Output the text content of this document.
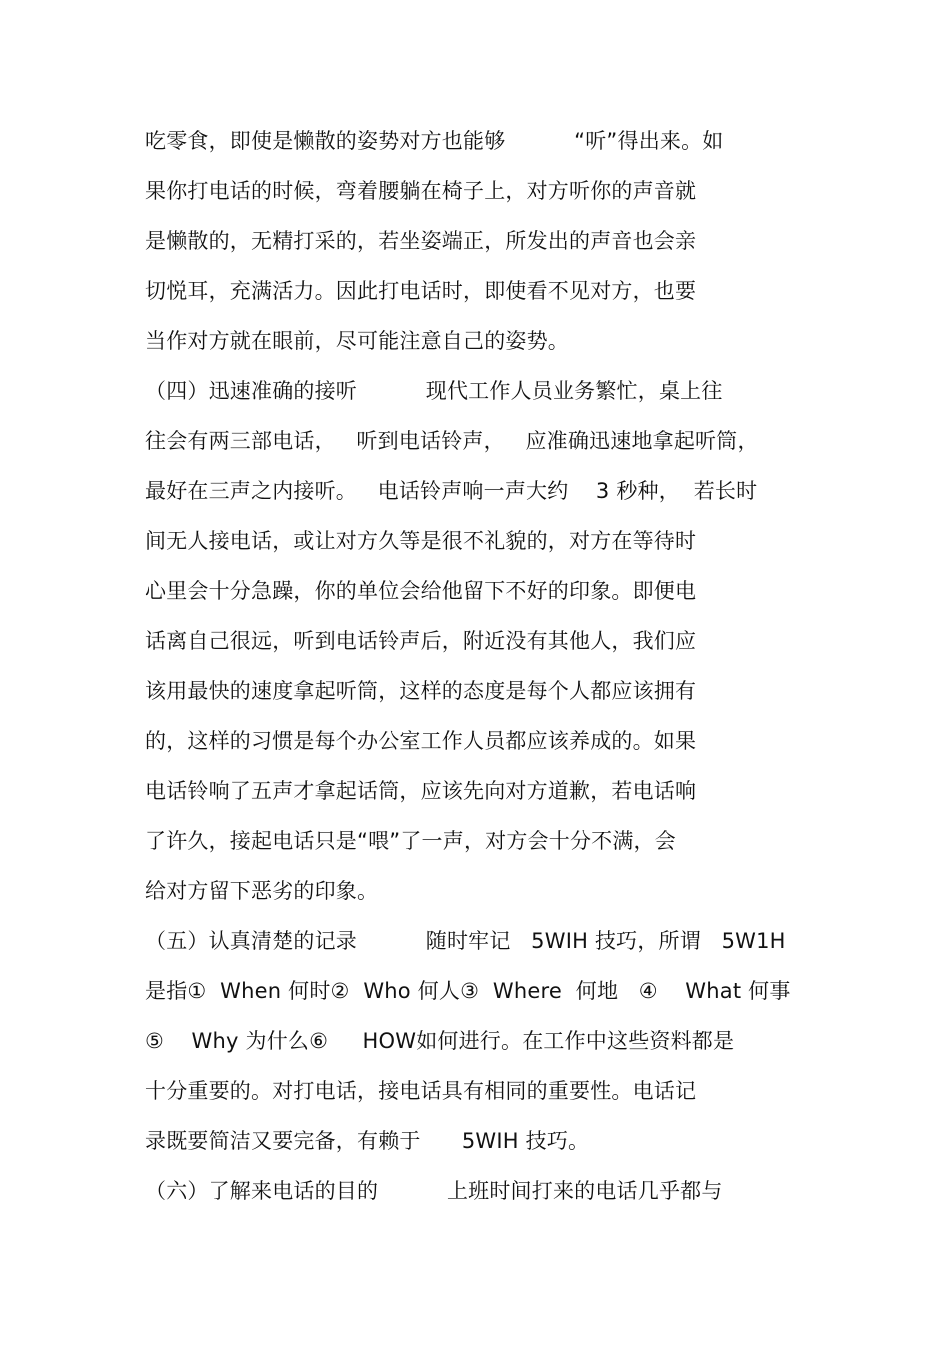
吃零食，即使是懒散的姿势对方也能够          “听”得出来。如
果你打电话的时候，弯着腰躺在椅子上，对方听你的声音就
是懒散的，无精打采的，若坐姿端正，所发出的声音也会亲
切悦耳，充满活力。因此打电话时，即使看不见对方，也要
当作对方就在眼前，尽可能注意自己的姿势。
（四）迅速准确的接听          现代工作人员业务繁忙，桌上往
往会有两三部电话，   听到电话铃声，   应准确迅速地拿起听筒，
最好在三声之内接听。   电话铃声响一声大约    3 秒种，  若长时
间无人接电话，或让对方久等是很不礼貌的，对方在等待时
心里会十分急躁，你的单位会给他留下不好的印象。即便电
话离自己很远，听到电话铃声后，附近没有其他人，我们应
该用最快的速度拿起听筒，这样的态度是每个人都应该拥有
的，这样的习惯是每个办公室工作人员都应该养成的。如果
电话铃响了五声才拿起话筒，应该先向对方道歉，若电话响
了许久，接起电话只是“喂”了一声，对方会十分不满，会
给对方留下恶劣的印象。
（五）认真清楚的记录          随时牢记   5WIH 技巧，所谓   5W1H
是指①  When 何时②  Who 何人③  Where  何地   ④    What 何事
⑤    Why 为什么⑥     HOW如何进行。在工作中这些资料都是
十分重要的。对打电话，接电话具有相同的重要性。电话记
录既要简洁又要完备，有赖于      5WIH 技巧。
（六）了解来电话的目的          上班时间打来的电话几乎都与
